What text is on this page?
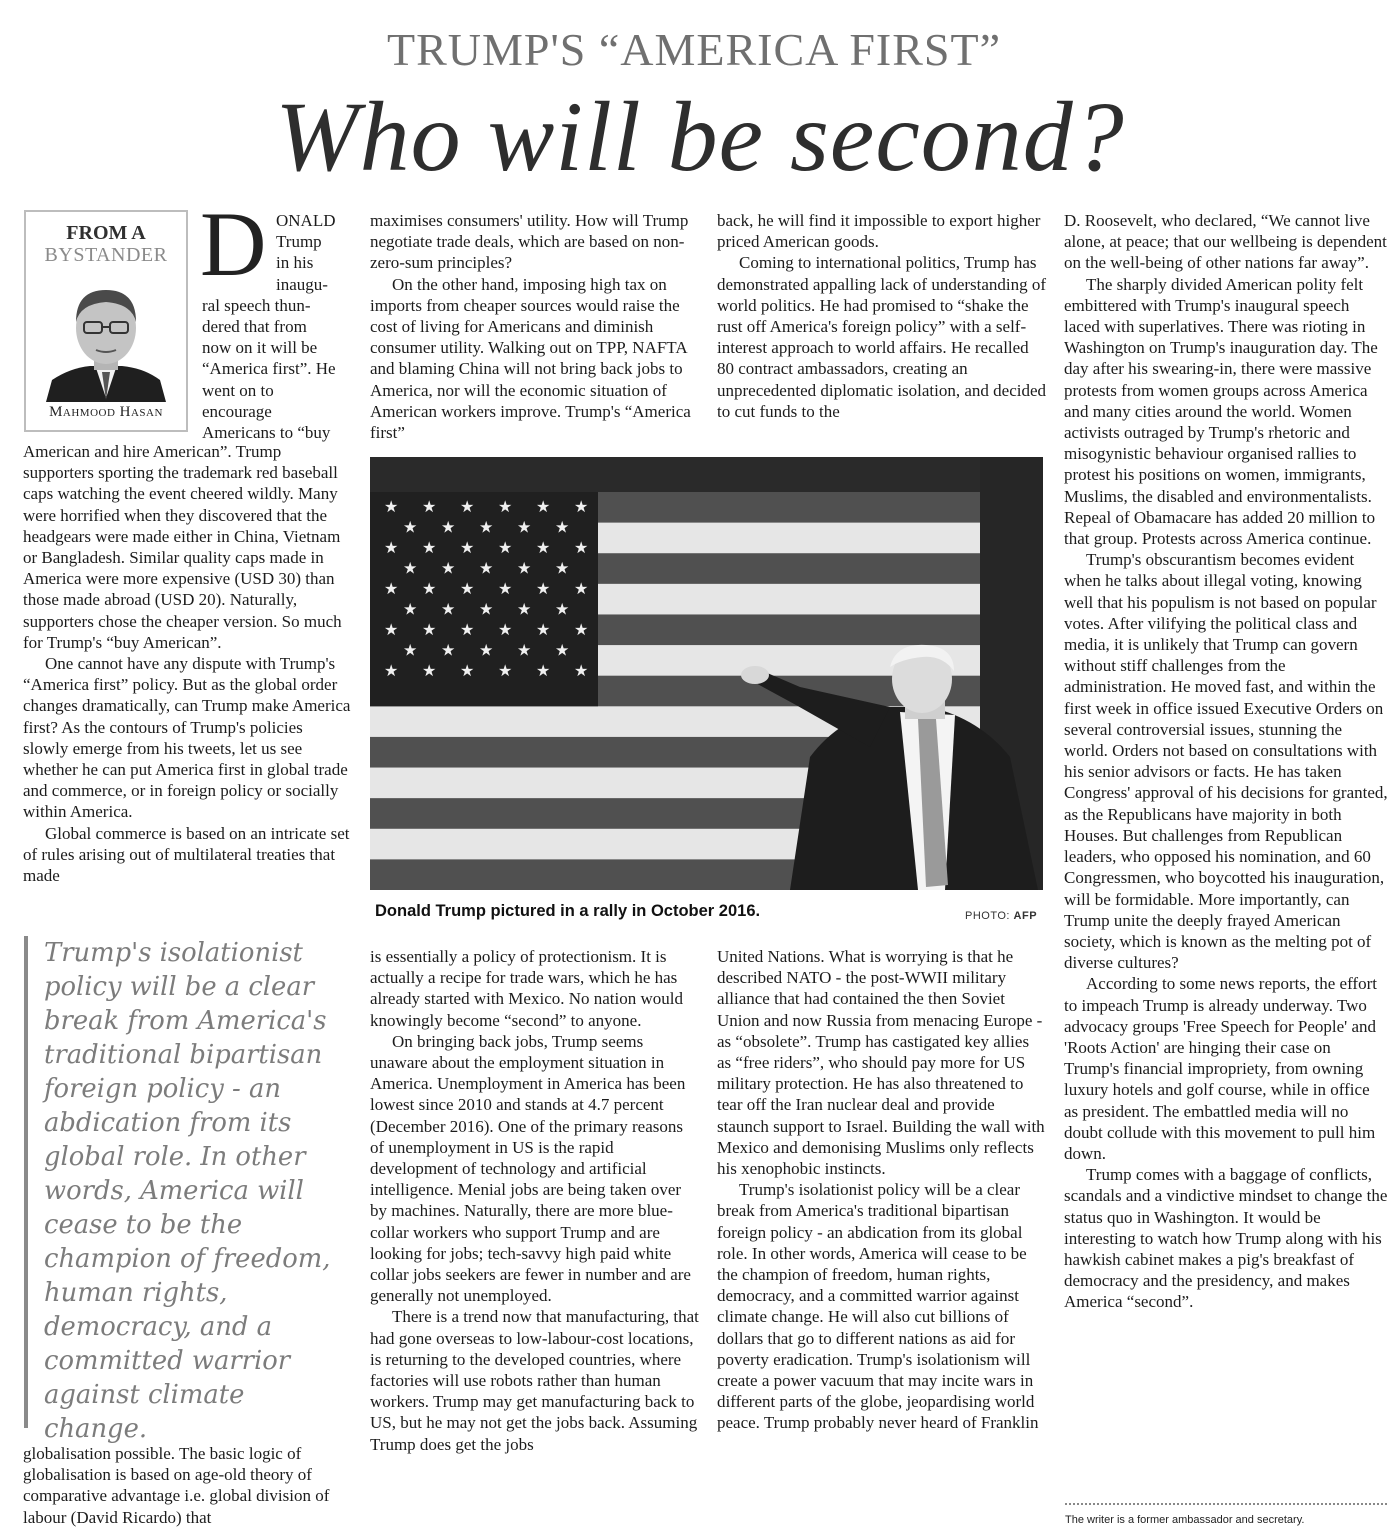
TRUMP'S “AMERICA FIRST”
Who will be second?
FROM A
BYSTANDER
Mahmood Hasan
D ONALD
Trump
in his
inaugu-
ral speech thun-
dered that from
now on it will be
“America first”. He
went on to
encourage
Americans to “buy

American and hire American”. Trump supporters sporting the trademark red baseball caps watching the event cheered wildly. Many were horrified when they discovered that the headgears were made either in China, Vietnam or Bangladesh. Similar quality caps made in America were more expensive (USD 30) than those made abroad (USD 20). Naturally, supporters chose the cheaper version. So much for Trump's “buy American”.

One cannot have any dispute with Trump's “America first” policy. But as the global order changes dramatically, can Trump make America first? As the contours of Trump's policies slowly emerge from his tweets, let us see whether he can put America first in global trade and commerce, or in foreign policy or socially within America.

Global commerce is based on an intricate set of rules arising out of multilateral treaties that made

Trump's isolationist policy will be a clear break from America's traditional bipartisan foreign policy - an abdication from its global role. In other words, America will cease to be the champion of freedom, human rights, democracy, and a committed warrior against climate change.

globalisation possible. The basic logic of globalisation is based on age-old theory of comparative advantage i.e. global division of labour (David Ricardo) that

maximises consumers' utility. How will Trump negotiate trade deals, which are based on non-zero-sum principles?

On the other hand, imposing high tax on imports from cheaper sources would raise the cost of living for Americans and diminish consumer utility. Walking out on TPP, NAFTA and blaming China will not bring back jobs to America, nor will the economic situation of American workers improve. Trump's “America first”

back, he will find it impossible to export higher priced American goods.

Coming to international politics, Trump has demonstrated appalling lack of understanding of world politics. He had promised to “shake the rust off America's foreign policy” with a self-interest approach to world affairs. He recalled 80 contract ambassadors, creating an unprecedented diplomatic isolation, and decided to cut funds to the

★ ★ ★ ★ ★ ★
★ ★ ★ ★ ★
★ ★ ★ ★ ★ ★
★ ★ ★ ★ ★
★ ★ ★ ★ ★ ★
★ ★ ★ ★ ★
★ ★ ★ ★ ★ ★
★ ★ ★ ★ ★
★ ★ ★ ★ ★ ★
Donald Trump pictured in a rally in October 2016.	PHOTO: AFP

is essentially a policy of protectionism. It is actually a recipe for trade wars, which he has already started with Mexico. No nation would knowingly become “second” to anyone.

On bringing back jobs, Trump seems unaware about the employment situation in America. Unemployment in America has been lowest since 2010 and stands at 4.7 percent (December 2016). One of the primary reasons of unemployment in US is the rapid development of technology and artificial intelligence. Menial jobs are being taken over by machines. Naturally, there are more blue-collar workers who support Trump and are looking for jobs; tech-savvy high paid white collar jobs seekers are fewer in number and are generally not unemployed.

There is a trend now that manufacturing, that had gone overseas to low-labour-cost locations, is returning to the developed countries, where factories will use robots rather than human workers. Trump may get manufacturing back to US, but he may not get the jobs back. Assuming Trump does get the jobs

United Nations. What is worrying is that he described NATO - the post-WWII military alliance that had contained the then Soviet Union and now Russia from menacing Europe - as “obsolete”. Trump has castigated key allies as “free riders”, who should pay more for US military protection. He has also threatened to tear off the Iran nuclear deal and provide staunch support to Israel. Building the wall with Mexico and demonising Muslims only reflects his xenophobic instincts.

Trump's isolationist policy will be a clear break from America's traditional bipartisan foreign policy - an abdication from its global role. In other words, America will cease to be the champion of freedom, human rights, democracy, and a committed warrior against climate change. He will also cut billions of dollars that go to different nations as aid for poverty eradication. Trump's isolationism will create a power vacuum that may incite wars in different parts of the globe, jeopardising world peace. Trump probably never heard of Franklin

D. Roosevelt, who declared, “We cannot live alone, at peace; that our wellbeing is dependent on the well-being of other nations far away”.

The sharply divided American polity felt embittered with Trump's inaugural speech laced with superlatives. There was rioting in Washington on Trump's inauguration day. The day after his swearing-in, there were massive protests from women groups across America and many cities around the world. Women activists outraged by Trump's rhetoric and misogynistic behaviour organised rallies to protest his positions on women, immigrants, Muslims, the disabled and environmentalists. Repeal of Obamacare has added 20 million to that group. Protests across America continue.

Trump's obscurantism becomes evident when he talks about illegal voting, knowing well that his populism is not based on popular votes. After vilifying the political class and media, it is unlikely that Trump can govern without stiff challenges from the administration. He moved fast, and within the first week in office issued Executive Orders on several controversial issues, stunning the world. Orders not based on consultations with his senior advisors or facts. He has taken Congress' approval of his decisions for granted, as the Republicans have majority in both Houses. But challenges from Republican leaders, who opposed his nomination, and 60 Congressmen, who boycotted his inauguration, will be formidable. More importantly, can Trump unite the deeply frayed American society, which is known as the melting pot of diverse cultures?

According to some news reports, the effort to impeach Trump is already underway. Two advocacy groups 'Free Speech for People' and 'Roots Action' are hinging their case on Trump's financial impropriety, from owning luxury hotels and golf course, while in office as president. The embattled media will no doubt collude with this movement to pull him down.

Trump comes with a baggage of conflicts, scandals and a vindictive mindset to change the status quo in Washington. It would be interesting to watch how Trump along with his hawkish cabinet makes a pig's breakfast of democracy and the presidency, and makes America “second”.

The writer is a former ambassador and secretary.
